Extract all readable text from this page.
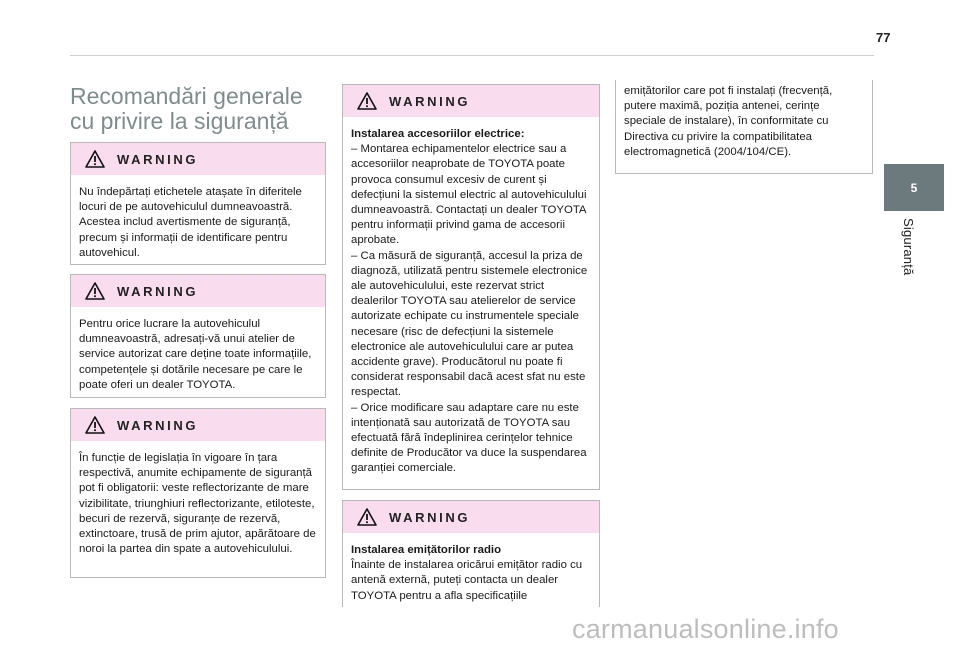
77
5
Siguranță
Recomandări generale cu privire la siguranță
WARNING

Nu îndepărtați etichetele atașate în diferitele locuri de pe autovehiculul dumneavoastră. Acestea includ avertismente de siguranță, precum și informații de identificare pentru autovehicul.

WARNING

Pentru orice lucrare la autovehiculul dumneavoastră, adresați-vă unui atelier de service autorizat care deține toate informațiile, competențele și dotările necesare pe care le poate oferi un dealer TOYOTA.

WARNING

În funcție de legislația în vigoare în țara respectivă, anumite echipamente de siguranță pot fi obligatorii: veste reflectorizante de mare vizibilitate, triunghiuri reflectorizante, etiloteste, becuri de rezervă, siguranțe de rezervă, extinctoare, trusă de prim ajutor, apărătoare de noroi la partea din spate a autovehiculului.

WARNING

Instalarea accesoriilor electrice:

– Montarea echipamentelor electrice sau a accesoriilor neaprobate de TOYOTA poate provoca consumul excesiv de curent și defecțiuni la sistemul electric al autovehiculului dumneavoastră. Contactați un dealer TOYOTA pentru informații privind gama de accesorii aprobate.

– Ca măsură de siguranță, accesul la priza de diagnoză, utilizată pentru sistemele electronice ale autovehiculului, este rezervat strict dealerilor TOYOTA sau atelierelor de service autorizate echipate cu instrumentele speciale necesare (risc de defecțiuni la sistemele electronice ale autovehiculului care ar putea accidente grave). Producătorul nu poate fi considerat responsabil dacă acest sfat nu este respectat.

– Orice modificare sau adaptare care nu este intenționată sau autorizată de TOYOTA sau efectuată fără îndeplinirea cerințelor tehnice definite de Producător va duce la suspendarea garanției comerciale.

WARNING

Instalarea emițătorilor radio

Înainte de instalarea oricărui emițător radio cu antenă externă, puteți contacta un dealer TOYOTA pentru a afla specificațiile

emițătorilor care pot fi instalați (frecvență, putere maximă, poziția antenei, cerințe speciale de instalare), în conformitate cu Directiva cu privire la compatibilitatea electromagnetică (2004/104/CE).

carmanualsonline.info
